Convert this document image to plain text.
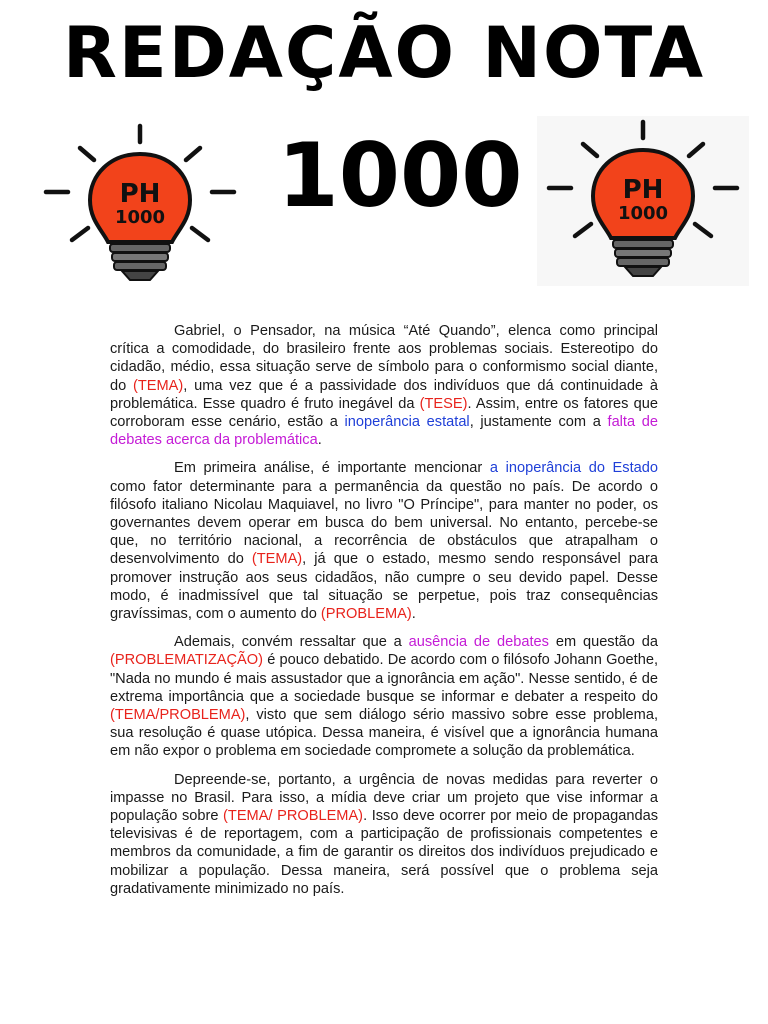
REDAÇÃO NOTA
1000
PH
1000
PH
1000

Gabriel, o Pensador, na música “Até Quando”, elenca como principal crítica a comodidade, do brasileiro frente aos problemas sociais. Estereotipo do cidadão, médio, essa situação serve de símbolo para o conformismo social diante, do (TEMA), uma vez que é a passividade dos indivíduos que dá continuidade à problemática. Esse quadro é fruto inegável da (TESE). Assim, entre os fatores que corroboram esse cenário, estão a inoperância estatal, justamente com a falta de debates acerca da problemática.

Em primeira análise, é importante mencionar a inoperância do Estado como fator determinante para a permanência da questão no país. De acordo o filósofo italiano Nicolau Maquiavel, no livro "O Príncipe", para manter no poder, os governantes devem operar em busca do bem universal. No entanto, percebe-se que, no território nacional, a recorrência de obstáculos que atrapalham o desenvolvimento do (TEMA), já que o estado, mesmo sendo responsável para promover instrução aos seus cidadãos, não cumpre o seu devido papel. Desse modo, é inadmissível que tal situação se perpetue, pois traz consequências gravíssimas, com o aumento do (PROBLEMA).

Ademais, convém ressaltar que a ausência de debates em questão da (PROBLEMATIZAÇÃO) é pouco debatido. De acordo com o filósofo Johann Goethe, "Nada no mundo é mais assustador que a ignorância em ação". Nesse sentido, é de extrema importância que a sociedade busque se informar e debater a respeito do (TEMA/PROBLEMA), visto que sem diálogo sério massivo sobre esse problema, sua resolução é quase utópica. Dessa maneira, é visível que a ignorância humana em não expor o problema em sociedade compromete a solução da problemática.

Depreende-se, portanto, a urgência de novas medidas para reverter o impasse no Brasil. Para isso, a mídia deve criar um projeto que vise informar a população sobre (TEMA/ PROBLEMA). Isso deve ocorrer por meio de propagandas televisivas é de reportagem, com a participação de profissionais competentes e membros da comunidade, a fim de garantir os direitos dos indivíduos prejudicado e mobilizar a população. Dessa maneira, será possível que o problema seja gradativamente minimizado no país.
